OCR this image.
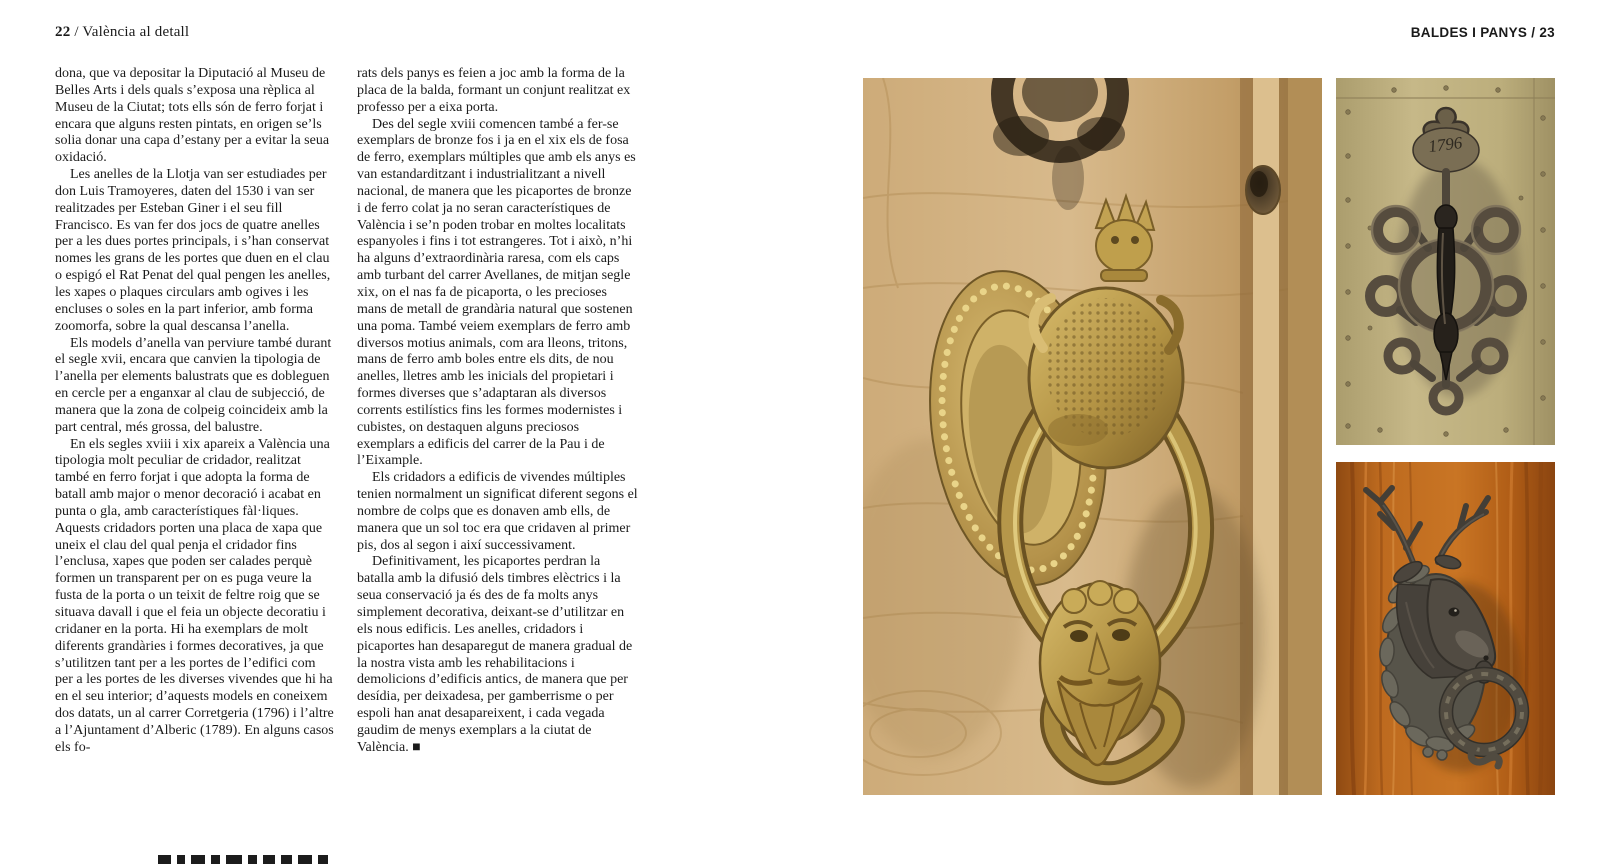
22 / València al detall	BALDES I PANYS / 23

dona, que va depositar la Diputació al Museu de Belles Arts i dels quals s’exposa una rèplica al Museu de la Ciutat; tots ells són de ferro forjat i encara que alguns resten pintats, en origen se’ls solia donar una capa d’estany per a evitar la seua oxidació.

Les anelles de la Llotja van ser estudiades per don Luis Tramoyeres, daten del 1530 i van ser realitzades per Esteban Giner i el seu fill Francisco. Es van fer dos jocs de quatre anelles per a les dues portes principals, i s’han conservat nomes les grans de les portes que duen en el clau o espigó el Rat Penat del qual pengen les anelles, les xapes o plaques circulars amb ogives i les encluses o soles en la part inferior, amb forma zoomorfa, sobre la qual descansa l’anella.

Els models d’anella van perviure també durant el segle xvii, encara que canvien la tipologia de l’anella per elements balustrats que es dobleguen en cercle per a enganxar al clau de subjecció, de manera que la zona de colpeig coincideix amb la part central, més grossa, del balustre.

En els segles xviii i xix apareix a València una tipologia molt peculiar de cridador, realitzat també en ferro forjat i que adopta la forma de batall amb major o menor decoració i acabat en punta o gla, amb característiques fàl·liques. Aquests cridadors porten una placa de xapa que uneix el clau del qual penja el cridador fins l’enclusa, xapes que poden ser calades perquè formen un transparent per on es puga veure la fusta de la porta o un teixit de feltre roig que se situava davall i que el feia un objecte decoratiu i cridaner en la porta. Hi ha exemplars de molt diferents grandàries i formes decoratives, ja que s’utilitzen tant per a les portes de l’edifici com per a les portes de les diverses vivendes que hi ha en el seu interior; d’aquests models en coneixem dos datats, un al carrer Corretgeria (1796) i l’altre a l’Ajuntament d’Alberic (1789). En alguns casos els fo-

rats dels panys es feien a joc amb la forma de la placa de la balda, formant un conjunt realitzat ex professo per a eixa porta.

Des del segle xviii comencen també a fer-se exemplars de bronze fos i ja en el xix els de fosa de ferro, exemplars múltiples que amb els anys es van estandarditzant i industrialitzant a nivell nacional, de manera que les picaportes de bronze i de ferro colat ja no seran característiques de València i se’n poden trobar en moltes localitats espanyoles i fins i tot estrangeres. Tot i això, n’hi ha alguns d’extraordinària raresa, com els caps amb turbant del carrer Avellanes, de mitjan segle xix, on el nas fa de picaporta, o les precioses mans de metall de grandària natural que sostenen una poma. També veiem exemplars de ferro amb diversos motius animals, com ara lleons, tritons, mans de ferro amb boles entre els dits, de nou anelles, lletres amb les inicials del propietari i formes diverses que s’adaptaran als diversos corrents estilístics fins les formes modernistes i cubistes, on destaquen alguns preciosos exemplars a edificis del carrer de la Pau i de l’Eixample.

Els cridadors a edificis de vivendes múltiples tenien normalment un significat diferent segons el nombre de colps que es donaven amb ells, de manera que un sol toc era que cridaven al primer pis, dos al segon i així successivament.

Definitivament, les picaportes perdran la batalla amb la difusió dels timbres elèctrics i la seua conservació ja és des de fa molts anys simplement decorativa, deixant-se d’utilitzar en els nous edificis. Les anelles, cridadors i picaportes han desaparegut de manera gradual de la nostra vista amb les rehabilitacions i demolicions d’edificis antics, de manera que per desídia, per deixadesa, per gamberrisme o per espoli han anat desapareixent, i cada vegada gaudim de menys exemplars a la ciutat de València. ■

1796
